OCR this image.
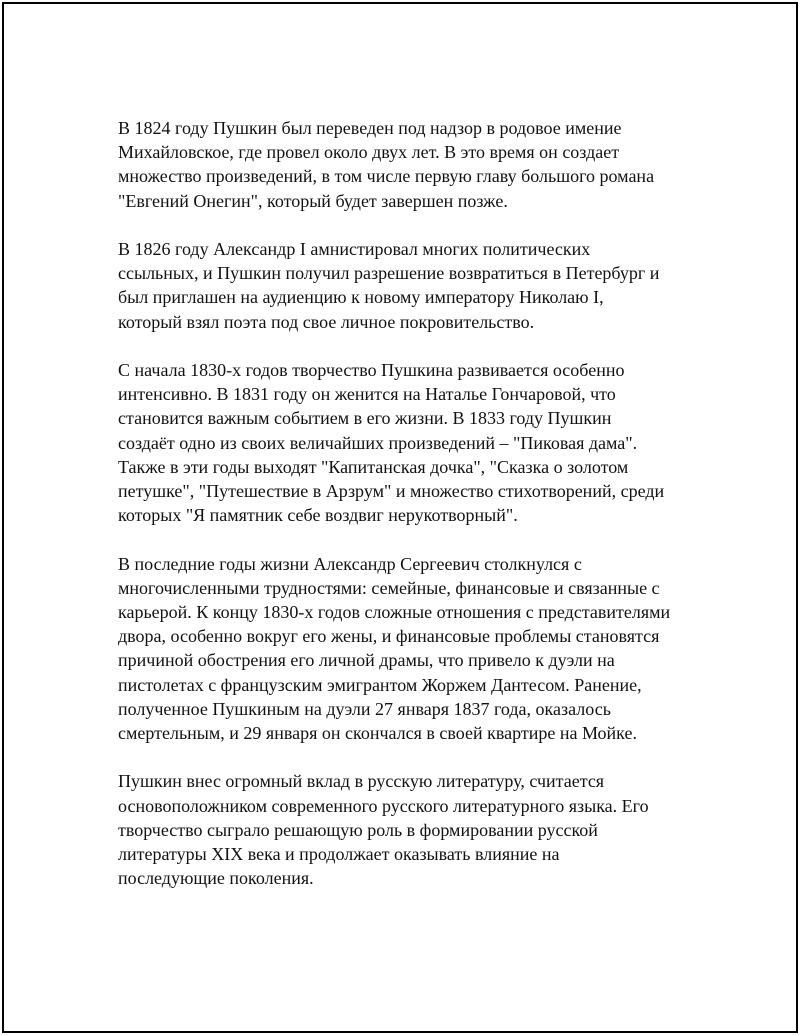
В 1824 году Пушкин был переведен под надзор в родовое имение
Михайловское, где провел около двух лет. В это время он создает
множество произведений, в том числе первую главу большого романа
"Евгений Онегин", который будет завершен позже.

В 1826 году Александр I амнистировал многих политических
ссыльных, и Пушкин получил разрешение возвратиться в Петербург и
был приглашен на аудиенцию к новому императору Николаю I,
который взял поэта под свое личное покровительство.

С начала 1830-х годов творчество Пушкина развивается особенно
интенсивно. В 1831 году он женится на Наталье Гончаровой, что
становится важным событием в его жизни. В 1833 году Пушкин
создаёт одно из своих величайших произведений – "Пиковая дама".
Также в эти годы выходят "Капитанская дочка", "Сказка о золотом
петушке", "Путешествие в Арзрум" и множество стихотворений, среди
которых "Я памятник себе воздвиг нерукотворный".

В последние годы жизни Александр Сергеевич столкнулся с
многочисленными трудностями: семейные, финансовые и связанные с
карьерой. К концу 1830-х годов сложные отношения с представителями
двора, особенно вокруг его жены, и финансовые проблемы становятся
причиной обострения его личной драмы, что привело к дуэли на
пистолетах с французским эмигрантом Жоржем Дантесом. Ранение,
полученное Пушкиным на дуэли 27 января 1837 года, оказалось
смертельным, и 29 января он скончался в своей квартире на Мойке.

Пушкин внес огромный вклад в русскую литературу, считается
основоположником современного русского литературного языка. Его
творчество сыграло решающую роль в формировании русской
литературы XIX века и продолжает оказывать влияние на
последующие поколения.
